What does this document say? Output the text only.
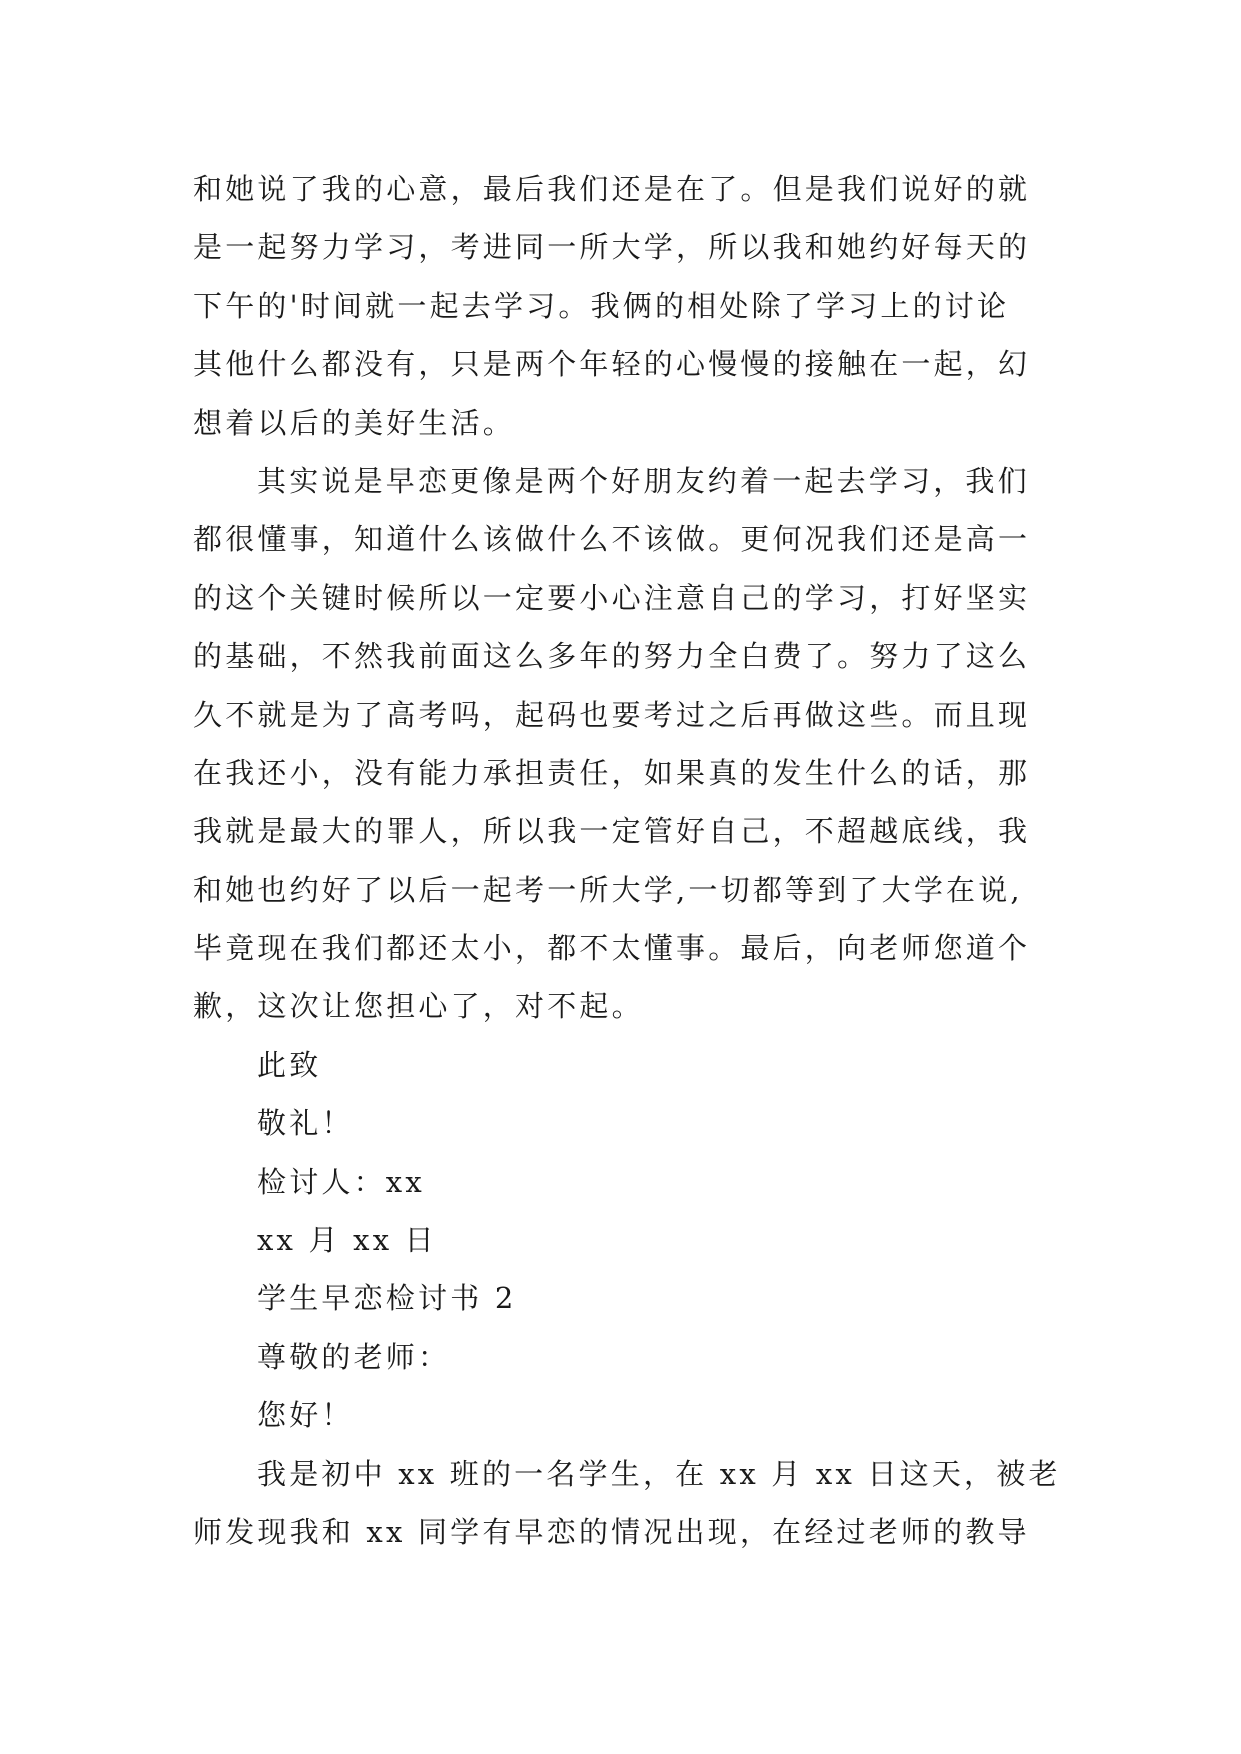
和她说了我的心意，最后我们还是在了。但是我们说好的就
是一起努力学习，考进同一所大学，所以我和她约好每天的
下午的'时间就一起去学习。我俩的相处除了学习上的讨论
其他什么都没有，只是两个年轻的心慢慢的接触在一起，幻
想着以后的美好生活。
其实说是早恋更像是两个好朋友约着一起去学习，我们
都很懂事，知道什么该做什么不该做。更何况我们还是高一
的这个关键时候所以一定要小心注意自己的学习，打好坚实
的基础，不然我前面这么多年的努力全白费了。努力了这么
久不就是为了高考吗，起码也要考过之后再做这些。而且现
在我还小，没有能力承担责任，如果真的发生什么的话，那
我就是最大的罪人，所以我一定管好自己，不超越底线，我
和她也约好了以后一起考一所大学,一切都等到了大学在说,
毕竟现在我们都还太小，都不太懂事。最后，向老师您道个
歉，这次让您担心了，对不起。
此致
敬礼！
检讨人：xx
xx 月 xx 日
学生早恋检讨书 2
尊敬的老师：
您好！
我是初中 xx 班的一名学生，在 xx 月 xx 日这天，被老
师发现我和 xx 同学有早恋的情况出现，在经过老师的教导
